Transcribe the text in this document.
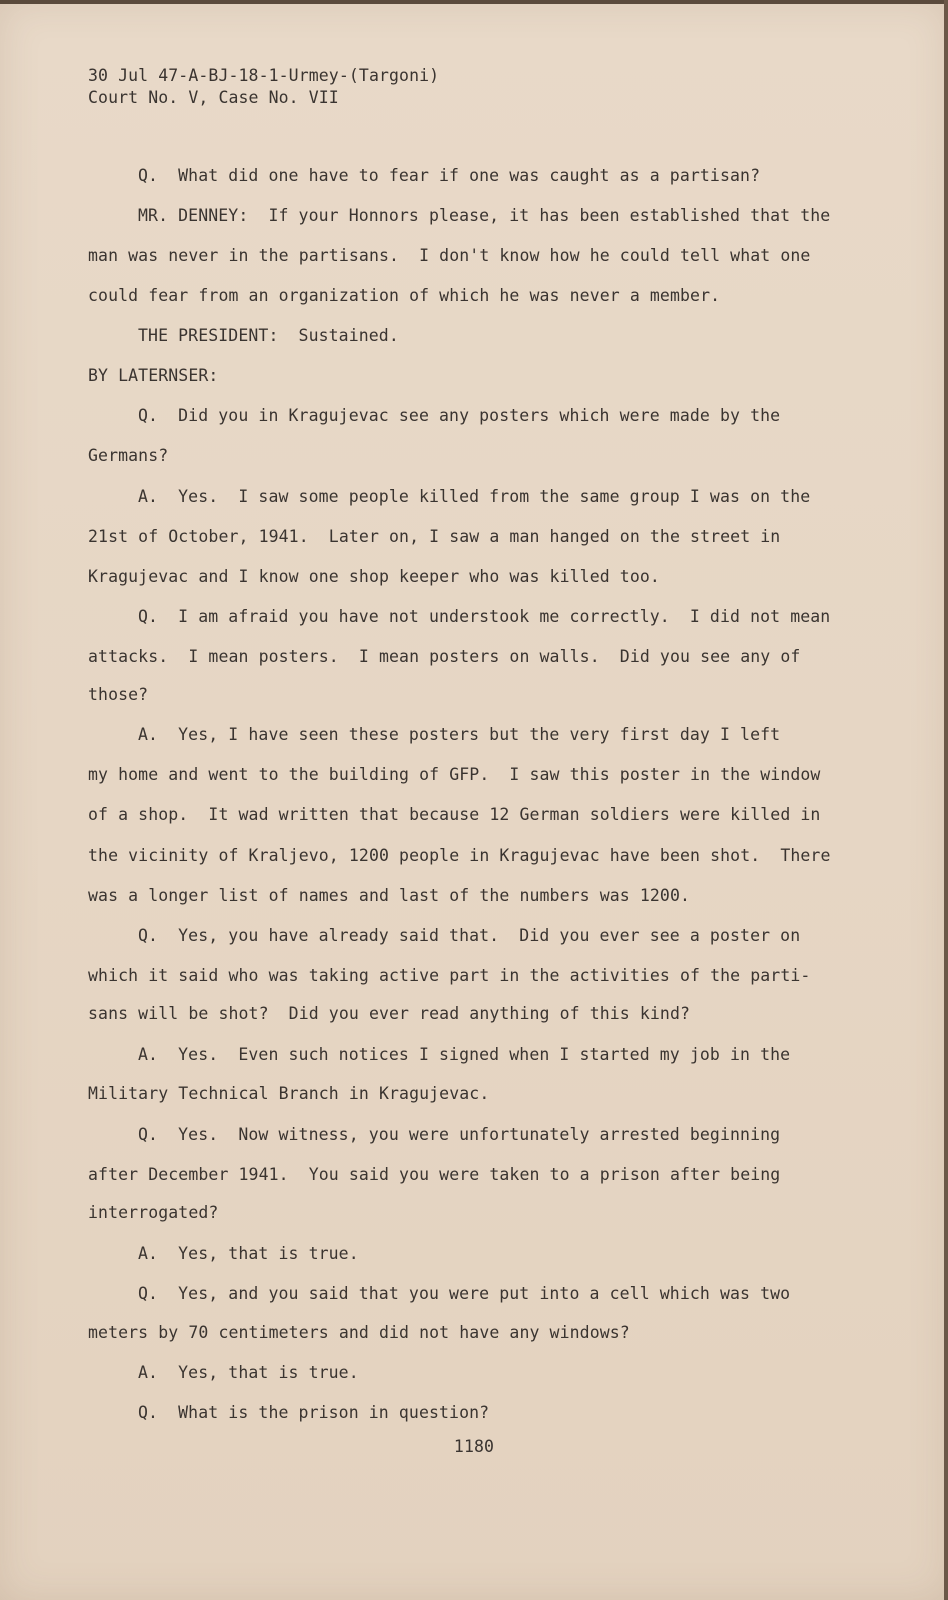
30 Jul 47-A-BJ-18-1-Urmey-(Targoni)
Court No. V, Case No. VII
Q.  What did one have to fear if one was caught as a partisan?
MR. DENNEY:  If your Honnors please, it has been established that the
man was never in the partisans.  I don't know how he could tell what one
could fear from an organization of which he was never a member.
THE PRESIDENT:  Sustained.
BY LATERNSER:
Q.  Did you in Kragujevac see any posters which were made by the
Germans?
A.  Yes.  I saw some people killed from the same group I was on the
21st of October, 1941.  Later on, I saw a man hanged on the street in
Kragujevac and I know one shop keeper who was killed too.
Q.  I am afraid you have not understook me correctly.  I did not mean
attacks.  I mean posters.  I mean posters on walls.  Did you see any of
those?
A.  Yes, I have seen these posters but the very first day I left
my home and went to the building of GFP.  I saw this poster in the window
of a shop.  It wad written that because 12 German soldiers were killed in
the vicinity of Kraljevo, 1200 people in Kragujevac have been shot.  There
was a longer list of names and last of the numbers was 1200.
Q.  Yes, you have already said that.  Did you ever see a poster on
which it said who was taking active part in the activities of the parti-
sans will be shot?  Did you ever read anything of this kind?
A.  Yes.  Even such notices I signed when I started my job in the
Military Technical Branch in Kragujevac.
Q.  Yes.  Now witness, you were unfortunately arrested beginning
after December 1941.  You said you were taken to a prison after being
interrogated?
A.  Yes, that is true.
Q.  Yes, and you said that you were put into a cell which was two
meters by 70 centimeters and did not have any windows?
A.  Yes, that is true.
Q.  What is the prison in question?
1180
